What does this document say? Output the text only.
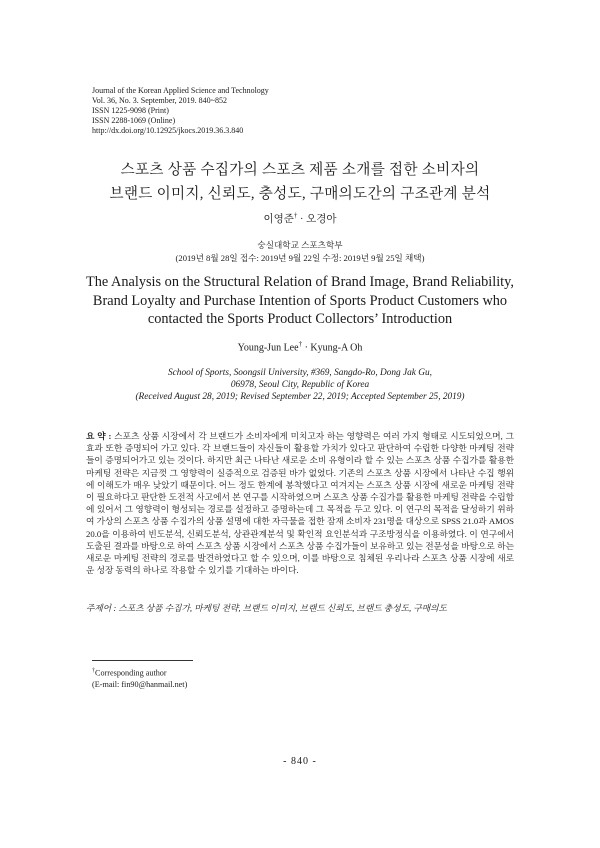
Journal of the Korean Applied Science and Technology
Vol. 36, No. 3. September, 2019. 840~852
ISSN 1225-9098 (Print)
ISSN 2288-1069 (Online)
http://dx.doi.org/10.12925/jkocs.2019.36.3.840
스포츠 상품 수집가의 스포츠 제품 소개를 접한 소비자의
브랜드 이미지, 신뢰도, 충성도, 구매의도간의 구조관계 분석
이영준† · 오경아
숭실대학교 스포츠학부
(2019년 8월 28일 접수: 2019년 9월 22일 수정: 2019년 9월 25일 채택)
The Analysis on the Structural Relation of Brand Image, Brand Reliability,
Brand Loyalty and Purchase Intention of Sports Product Customers who
contacted the Sports Product Collectors’ Introduction
Young-Jun Lee† · Kyung-A Oh
School of Sports, Soongsil University, #369, Sangdo-Ro, Dong Jak Gu,
06978, Seoul City, Republic of Korea
(Received August 28, 2019; Revised September 22, 2019; Accepted September 25, 2019)
요 약 : 스포츠 상품 시장에서 각 브랜드가 소비자에게 미치고자 하는 영향력은 여러 가지 형태로 시도되었으며, 그 효과 또한 증명되어 가고 있다. 각 브랜드들이 자신들이 활용할 가치가 있다고 판단하여 수립한 다양한 마케팅 전략들이 증명되어가고 있는 것이다. 하지만 최근 나타난 새로운 소비 유형이라 할 수 있는 스포츠 상품 수집가를 활용한 마케팅 전략은 지금껏 그 영향력이 실증적으로 검증된 바가 없었다. 기존의 스포츠 상품 시장에서 나타난 수집 행위에 이해도가 매우 낮았기 때문이다. 어느 정도 한계에 봉착했다고 여겨지는 스포츠 상품 시장에 새로운 마케팅 전략이 필요하다고 판단한 도전적 사고에서 본 연구를 시작하였으며 스포츠 상품 수집가를 활용한 마케팅 전략을 수립함에 있어서 그 영향력이 형성되는 경로를 설정하고 증명하는데 그 목적을 두고 있다. 이 연구의 목적을 달성하기 위하여 가상의 스포츠 상품 수집가의 상품 설명에 대한 자극물을 접한 잠재 소비자 231명을 대상으로 SPSS 21.0과 AMOS 20.0을 이용하여 빈도분석, 신뢰도분석, 상관관계분석 및 확인적 요인분석과 구조방정식을 이용하였다. 이 연구에서 도출된 결과를 바탕으로 하여 스포츠 상품 시장에서 스포츠 상품 수집가들이 보유하고 있는 전문성을 바탕으로 하는 새로운 마케팅 전략의 경로를 발견하였다고 할 수 있으며, 이를 바탕으로 침체된 우리나라 스포츠 상품 시장에 새로운 성장 동력의 하나로 작용할 수 있기를 기대하는 바이다.
주제어 : 스포츠 상품 수집가, 마케팅 전략, 브랜드 이미지, 브랜드 신뢰도, 브랜드 충성도, 구매의도
†Corresponding author
(E-mail: fin90@hanmail.net)
- 840 -
